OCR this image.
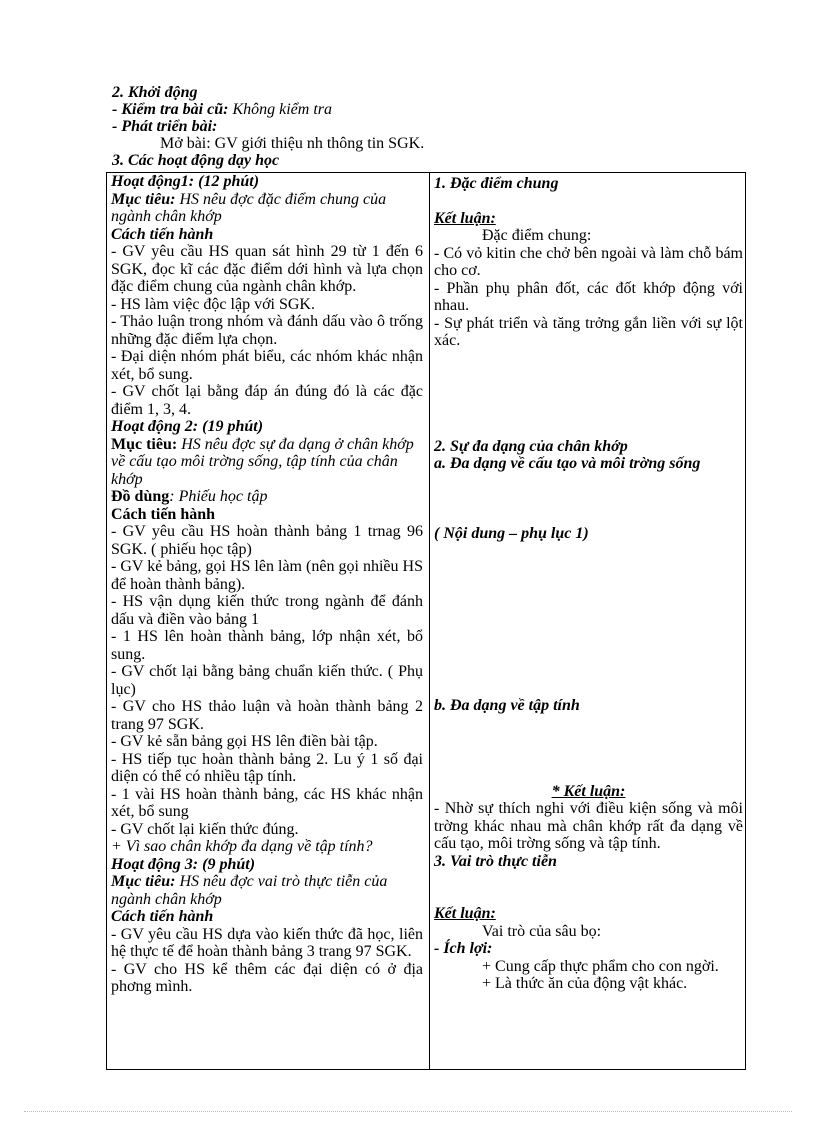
2. Khởi động
- Kiểm tra bài cũ: Không kiểm tra
- Phát triển bài:
Mở bài: GV giới thiệu nh thông tin SGK.
3. Các hoạt động dạy học
Hoạt động1: (12 phút)
Mục tiêu: HS nêu đợc đặc điểm chung của ngành chân khớp
Cách tiến hành
- GV yêu cầu HS quan sát hình 29 từ 1 đến 6 SGK, đọc kĩ các đặc điểm dới hình và lựa chọn đặc điểm chung của ngành chân khớp.
- HS làm việc độc lập với SGK.
- Thảo luận trong nhóm và đánh dấu vào ô trống những đặc điểm lựa chọn.
- Đại diện nhóm phát biểu, các nhóm khác nhận xét, bổ sung.
- GV chốt lại bằng đáp án đúng đó là các đặc điểm 1, 3, 4.
Hoạt động 2: (19 phút)
Mục tiêu: HS nêu đợc sự đa dạng ở chân khớp về cấu tạo môi trờng sống, tập tính của chân khớp
Đồ dùng: Phiếu học tập
Cách tiến hành
- GV yêu cầu HS hoàn thành bảng 1 trnag 96 SGK. ( phiếu học tập)
- GV kẻ bảng, gọi HS lên làm (nên gọi nhiều HS để hoàn thành bảng).
- HS vận dụng kiến thức trong ngành để đánh dấu và điền vào bảng 1
- 1 HS lên hoàn thành bảng, lớp nhận xét, bổ sung.
- GV chốt lại bằng bảng chuẩn kiến thức. ( Phụ lục)
- GV cho HS thảo luận và hoàn thành bảng 2 trang 97 SGK.
- GV kẻ sẵn bảng gọi HS lên điền bài tập.
- HS tiếp tục hoàn thành bảng 2. Lu ý 1 số đại diện có thể có nhiều tập tính.
- 1 vài HS hoàn thành bảng, các HS khác nhận xét, bổ sung
- GV chốt lại kiến thức đúng.
+ Vì sao chân khớp đa dạng về tập tính?
Hoạt động 3: (9 phút)
Mục tiêu: HS nêu đợc vai trò thực tiễn của ngành chân khớp
Cách tiến hành
- GV yêu cầu HS dựa vào kiến thức đã học, liên hệ thực tế để hoàn thành bảng 3 trang 97 SGK.
- GV cho HS kể thêm các đại diện có ở địa phơng mình.
1. Đặc điểm chung
Kết luận:
Đặc điểm chung:
- Có vỏ kitin che chở bên ngoài và làm chỗ bám cho cơ.
- Phần phụ phân đốt, các đốt khớp động với nhau.
- Sự phát triển và tăng trởng gắn liền với sự lột xác.
2. Sự đa dạng của chân khớp
a. Đa dạng về cấu tạo và môi trờng sống
( Nội dung – phụ lục 1)
b. Đa dạng về tập tính
* Kết luận:
- Nhờ sự thích nghi với điều kiện sống và môi trờng khác nhau mà chân khớp rất đa dạng về cấu tạo, môi trờng sống và tập tính.
3. Vai trò thực tiễn
Kết luận:
Vai trò của sâu bọ:
- Ích lợi:
+ Cung cấp thực phẩm cho con ngời.
+ Là thức ăn của động vật khác.
